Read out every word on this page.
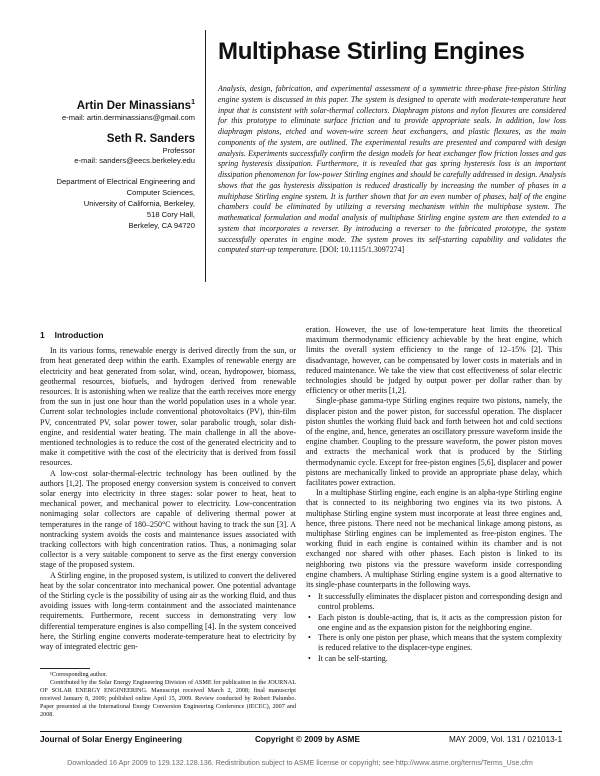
Multiphase Stirling Engines
Artin Der Minassians$^1$
e-mail: artin.derminassians@gmail.com
Seth R. Sanders
Professor
e-mail: sanders@eecs.berkeley.edu
Department of Electrical Engineering and
Computer Sciences,
University of California, Berkeley,
518 Cory Hall,
Berkeley, CA 94720
Analysis, design, fabrication, and experimental assessment of a symmetric three-phase free-piston Stirling engine system is discussed in this paper. The system is designed to operate with moderate-temperature heat input that is consistent with solar-thermal collectors. Diaphragm pistons and nylon flexures are considered for this prototype to eliminate surface friction and to provide appropriate seals. In addition, low loss diaphragm pistons, etched and woven-wire screen heat exchangers, and plastic flexures, as the main components of the system, are outlined. The experimental results are presented and compared with design analysis. Experiments successfully confirm the design models for heat exchanger flow friction losses and gas spring hysteresis dissipation. Furthermore, it is revealed that gas spring hysteresis loss is an important dissipation phenomenon for low-power Stirling engines and should be carefully addressed in design. Analysis shows that the gas hysteresis dissipation is reduced drastically by increasing the number of phases in a multiphase Stirling engine system. It is further shown that for an even number of phases, half of the engine chambers could be eliminated by utilizing a reversing mechanism within the multiphase system. The mathematical formulation and modal analysis of multiphase Stirling engine system are then extended to a system that incorporates a reverser. By introducing a reverser to the fabricated prototype, the system successfully operates in engine mode. The system proves its self-starting capability and validates the computed start-up temperature. [DOI: 10.1115/1.3097274]
1 Introduction

In its various forms, renewable energy is derived directly from the sun, or from heat generated deep within the earth. Examples of renewable energy are electricity and heat generated from solar, wind, ocean, hydropower, biomass, geothermal resources, biofuels, and hydrogen derived from renewable resources. It is astonishing when we realize that the earth receives more energy from the sun in just one hour than the world population uses in a whole year. Current solar technologies include conventional photovoltaics (PV), thin-film PV, concentrated PV, solar power tower, solar parabolic trough, solar dish-engine, and residential water heating. The main challenge in all the above-mentioned technologies is to reduce the cost of the generated electricity and to make it competitive with the cost of the electricity that is derived from fossil resources.

A low-cost solar-thermal-electric technology has been outlined by the authors [1,2]. The proposed energy conversion system is conceived to convert solar energy into electricity in three stages: solar power to heat, heat to mechanical power, and mechanical power to electricity. Low-concentration nonimaging solar collectors are capable of delivering thermal power at temperatures in the range of 180–250°C without having to track the sun [3]. A nontracking system avoids the costs and maintenance issues associated with tracking collectors with high concentration ratios. Thus, a nonimaging solar collector is a very suitable component to serve as the first energy conversion stage of the proposed system.

A Stirling engine, in the proposed system, is utilized to convert the delivered heat by the solar concentrator into mechanical power. One potential advantage of the Stirling cycle is the possibility of using air as the working fluid, and thus avoiding issues with long-term containment and the associated maintenance requirements. Furthermore, recent success in demonstrating very low differential temperature engines is also compelling [4]. In the system conceived here, the Stirling engine converts moderate-temperature heat to electricity by way of integrated electric gen-

eration. However, the use of low-temperature heat limits the theoretical maximum thermodynamic efficiency achievable by the heat engine, which limits the overall system efficiency to the range of 12–15% [2]. This disadvantage, however, can be compensated by lower costs in materials and in reduced maintenance. We take the view that cost effectiveness of solar electric technologies should be judged by output power per dollar rather than by efficiency or other merits [1,2].

Single-phase gamma-type Stirling engines require two pistons, namely, the displacer piston and the power piston, for successful operation. The displacer piston shuttles the working fluid back and forth between hot and cold sections of the engine, and, hence, generates an oscillatory pressure waveform inside the engine chamber. Coupling to the pressure waveform, the power piston moves and extracts the mechanical work that is produced by the Stirling thermodynamic cycle. Except for free-piston engines [5,6], displacer and power pistons are mechanically linked to provide an appropriate phase delay, which facilitates power extraction.

In a multiphase Stirling engine, each engine is an alpha-type Stirling engine that is connected to its neighboring two engines via its two pistons. A multiphase Stirling engine system must incorporate at least three engines and, hence, three pistons. There need not be mechanical linkage among pistons, as multiphase Stirling engines can be implemented as free-piston engines. The working fluid in each engine is contained within its chamber and is not exchanged nor shared with other phases. Each piston is linked to its neighboring two pistons via the pressure waveform inside corresponding engine chambers. A multiphase Stirling engine system is a good alternative to its single-phase counterparts in the following ways.

• It successfully eliminates the displacer piston and corresponding design and control problems.
• Each piston is double-acting, that is, it acts as the compression piston for one engine and as the expansion piston for the neighboring engine.
• There is only one piston per phase, which means that the system complexity is reduced relative to the displacer-type engines.
• It can be self-starting.

¹Corresponding author.

Contributed by the Solar Energy Engineering Division of ASME for publication in the JOURNAL OF SOLAR ENERGY ENGINEERING. Manuscript received March 2, 2008; final manuscript received January 8, 2009; published online April 15, 2009. Review conducted by Robert Palumbo. Paper presented at the International Energy Conversion Engineering Conference (IECEC), 2007 and 2008.

Journal of Solar Energy Engineering	Copyright © 2009 by ASME	MAY 2009, Vol. 131 / 021013-1
Downloaded 16 Apr 2009 to 129.132.128.136. Redistribution subject to ASME license or copyright; see http://www.asme.org/terms/Terms_Use.cfm
